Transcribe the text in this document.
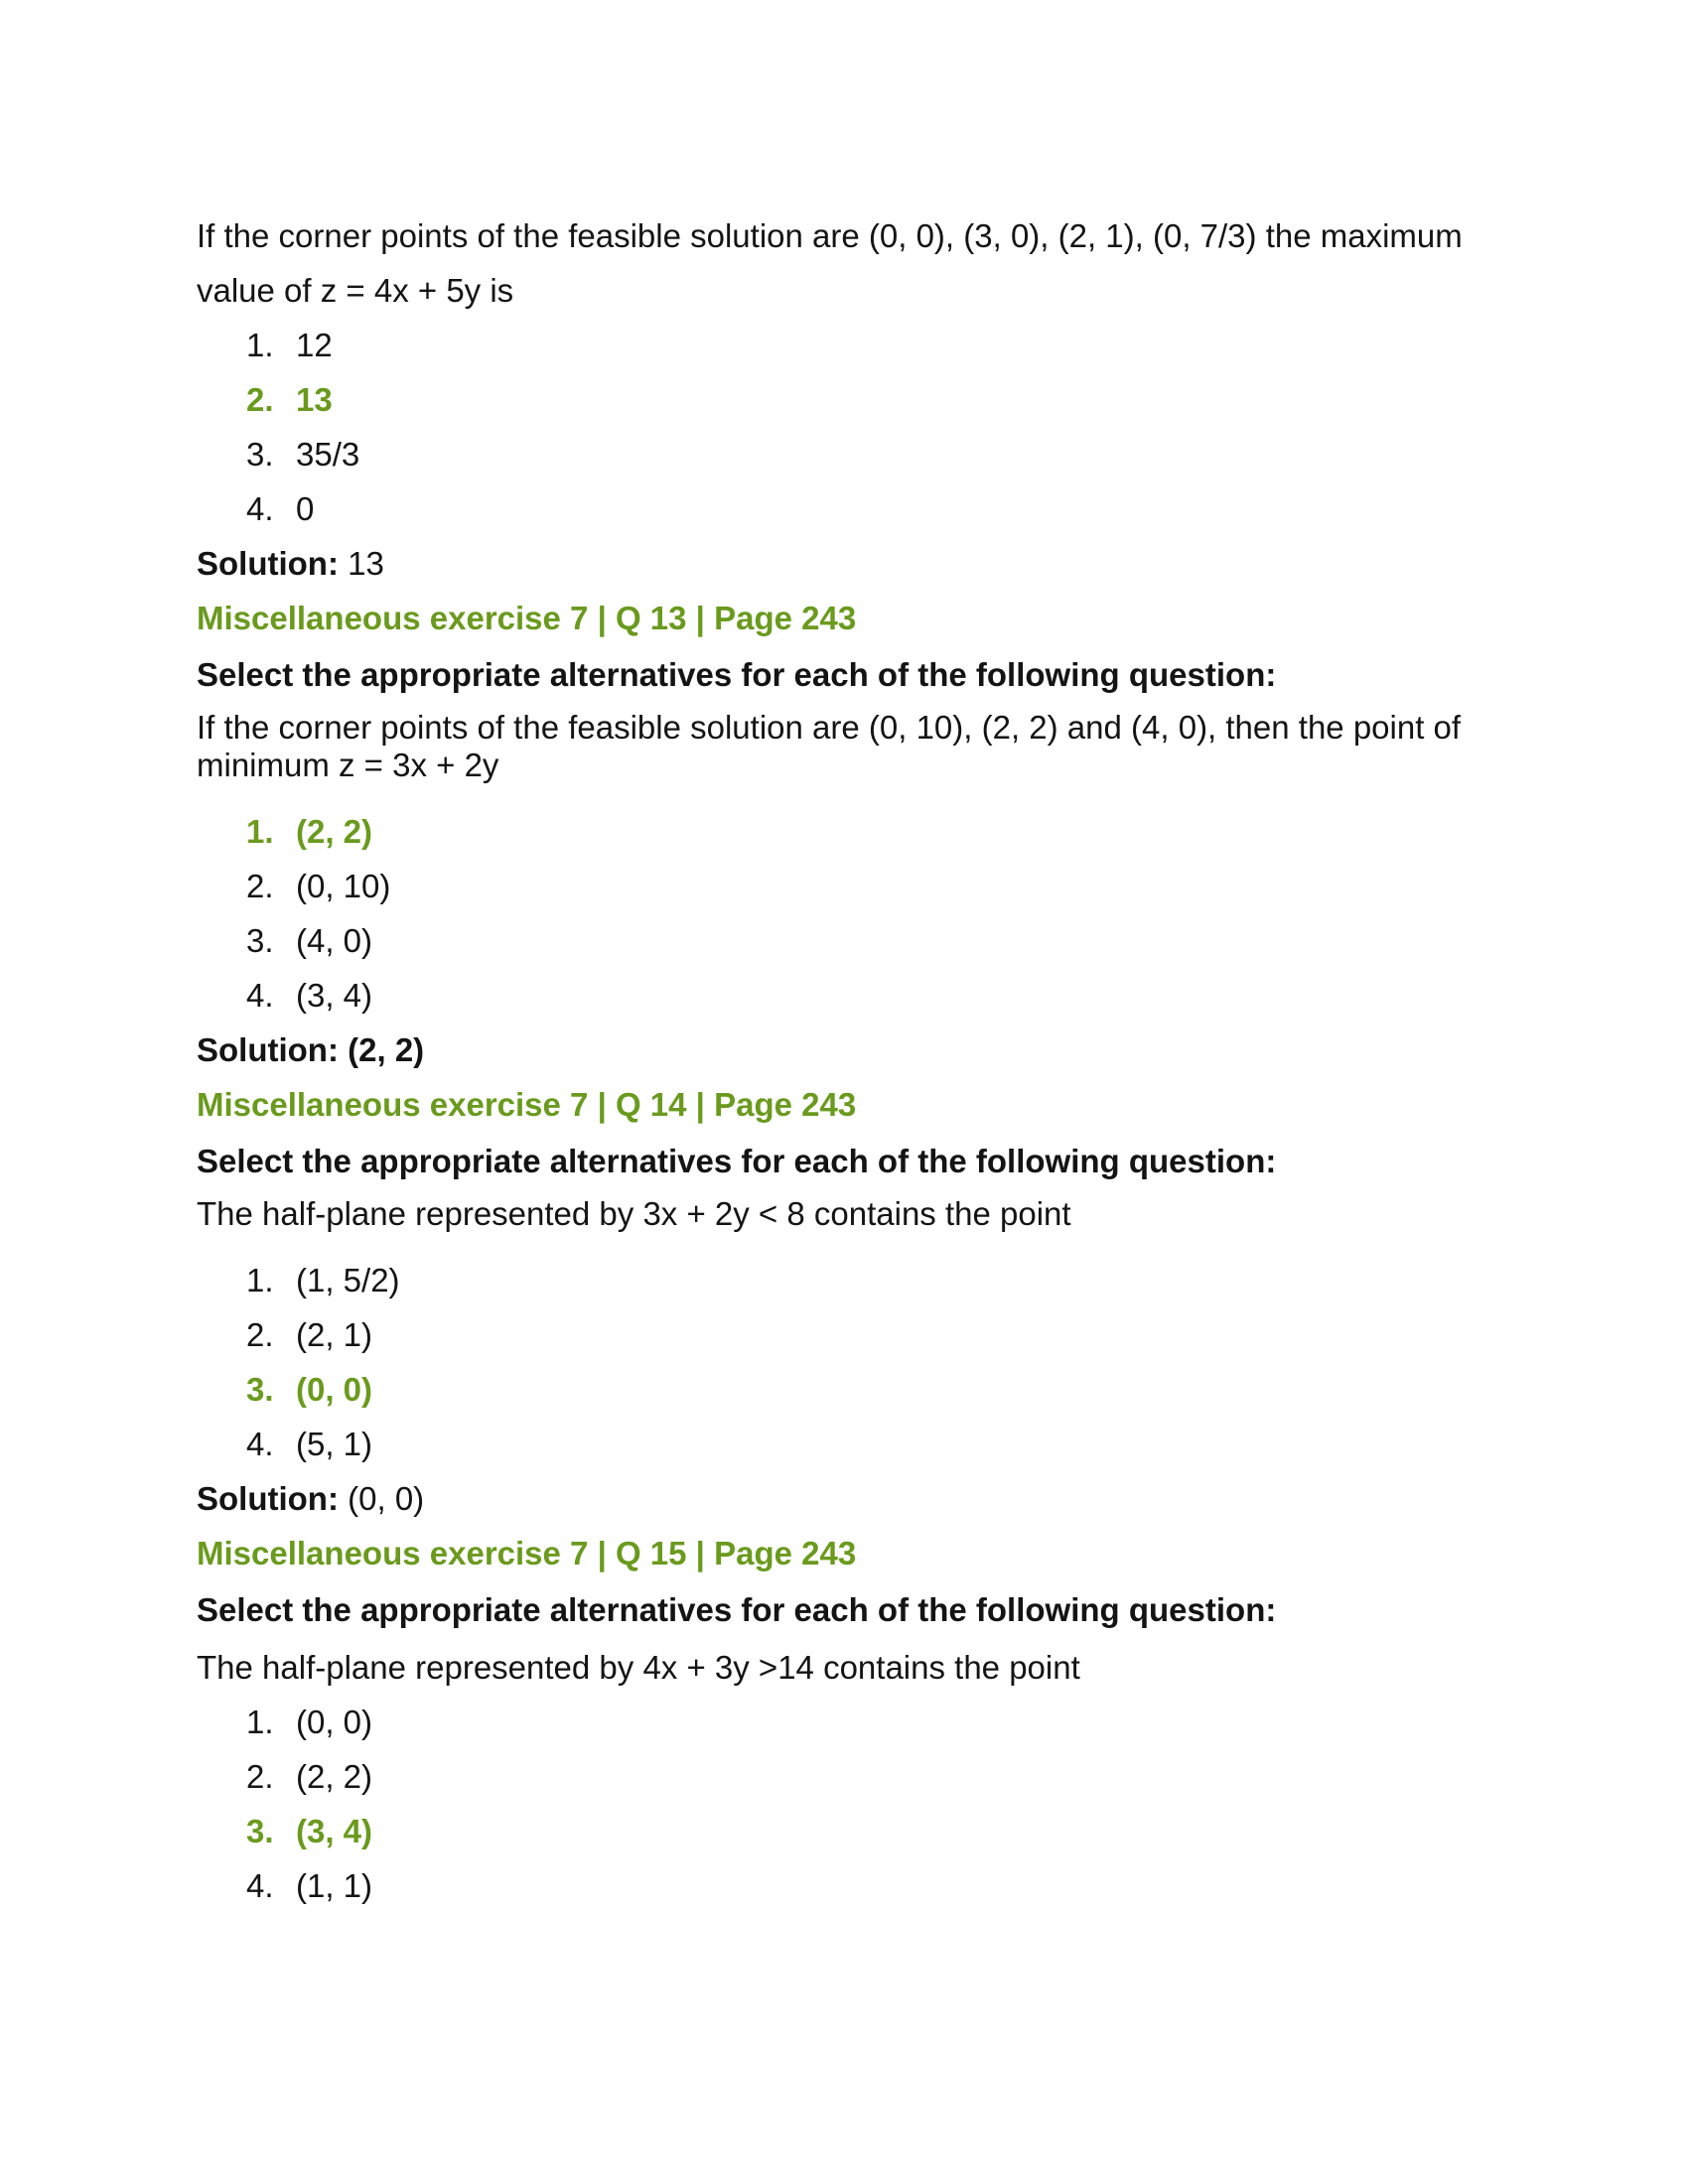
If the corner points of the feasible solution are (0, 0), (3, 0), (2, 1), (0, 7/3) the maximum

value of z = 4x + 5y is

1. 12
2. 13
3. 35/3
4. 0

Solution: 13

Miscellaneous exercise 7 | Q 13 | Page 243

Select the appropriate alternatives for each of the following question:

If the corner points of the feasible solution are (0, 10), (2, 2) and (4, 0), then the point of minimum z = 3x + 2y

1. (2, 2)
2. (0, 10)
3. (4, 0)
4. (3, 4)

Solution: (2, 2)

Miscellaneous exercise 7 | Q 14 | Page 243

Select the appropriate alternatives for each of the following question:

The half-plane represented by 3x + 2y < 8 contains the point

1. (1, 5/2)
2. (2, 1)
3. (0, 0)
4. (5, 1)

Solution: (0, 0)

Miscellaneous exercise 7 | Q 15 | Page 243

Select the appropriate alternatives for each of the following question:

The half-plane represented by 4x + 3y >14 contains the point

1. (0, 0)
2. (2, 2)
3. (3, 4)
4. (1, 1)
